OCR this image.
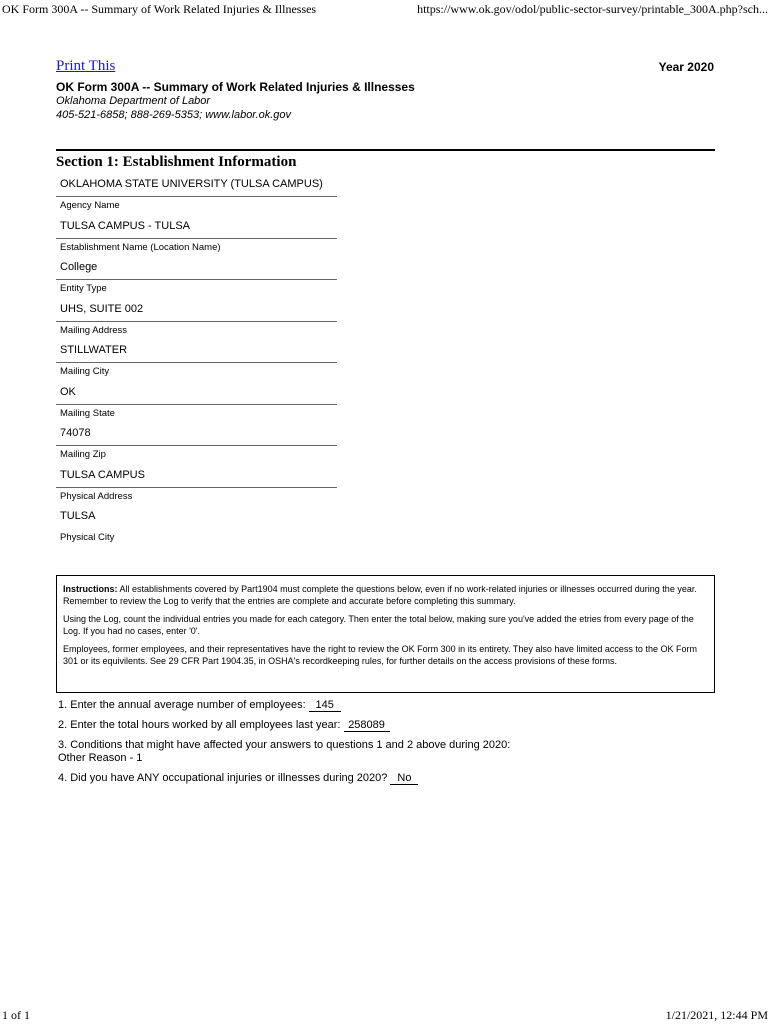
OK Form 300A -- Summary of Work Related Injuries & Illnesses	https://www.ok.gov/odol/public-sector-survey/printable_300A.php?sch...
Print This	Year 2020
OK Form 300A -- Summary of Work Related Injuries & Illnesses
Oklahoma Department of Labor
405-521-6858; 888-269-5353; www.labor.ok.gov
Section 1: Establishment Information
OKLAHOMA STATE UNIVERSITY (TULSA CAMPUS)
Agency Name
TULSA CAMPUS - TULSA
Establishment Name (Location Name)
College
Entity Type
UHS, SUITE 002
Mailing Address
STILLWATER
Mailing City
OK
Mailing State
74078
Mailing Zip
TULSA CAMPUS
Physical Address
TULSA
Physical City

Instructions: All establishments covered by Part1904 must complete the questions below, even if no work-related injuries or illnesses occurred during the year. Remember to review the Log to verify that the entries are complete and accurate before completing this summary.

Using the Log, count the individual entries you made for each category. Then enter the total below, making sure you've added the etries from every page of the Log. If you had no cases, enter '0'.

Employees, former employees, and their representatives have the right to review the OK Form 300 in its entirety. They also have limited access to the OK Form 301 or its equivilents. See 29 CFR Part 1904.35, in OSHA's recordkeeping rules, for further details on the access provisions of these forms.

1. Enter the annual average number of employees: 145
2. Enter the total hours worked by all employees last year: 258089
3. Conditions that might have affected your answers to questions 1 and 2 above during 2020:
Other Reason - 1
4. Did you have ANY occupational injuries or illnesses during 2020? No
1 of 1	1/21/2021, 12:44 PM
